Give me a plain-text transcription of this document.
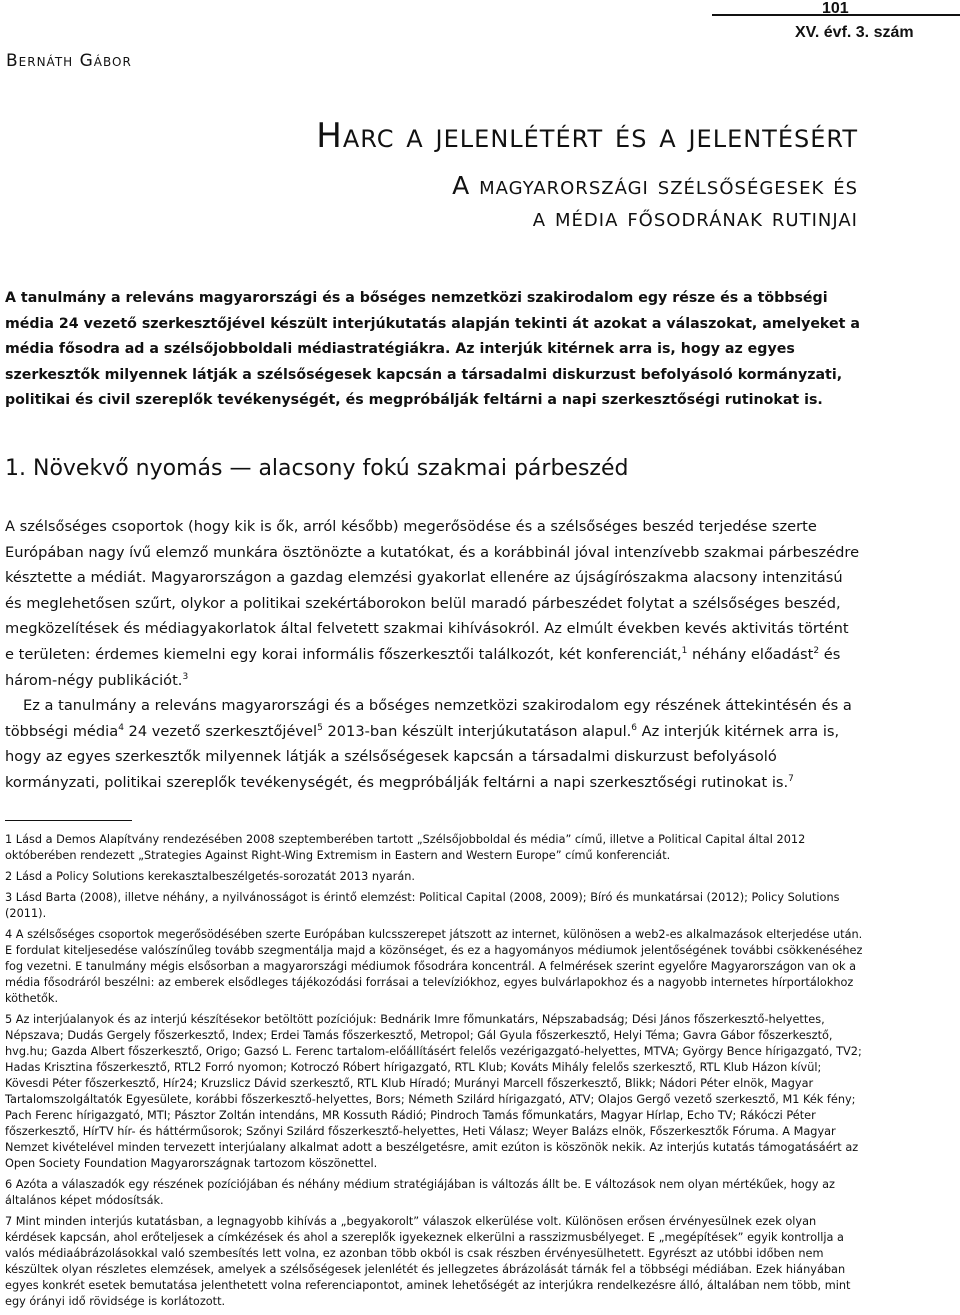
101
XV. évf. 3. szám
Bernáth Gábor
Harc a jelenlétért és a jelentésért
A magyarországi szélsőségesek és
a média fősodrának rutinjai

A tanulmány a releváns magyarországi és a bőséges nemzetközi szakirodalom egy része és a többségi média 24 vezető szerkesztőjével készült interjúkutatás alapján tekinti át azokat a válaszokat, amelyeket a média fősodra ad a szélsőjobboldali médiastratégiákra. Az interjúk kitérnek arra is, hogy az egyes szerkesztők milyennek látják a szélsőségesek kapcsán a társadalmi diskurzust befolyásoló kormányzati, politikai és civil szereplők tevékenységét, és megpróbálják feltárni a napi szerkesztőségi rutinokat is.

1. Növekvő nyomás — alacsony fokú szakmai párbeszéd

A szélsőséges csoportok (hogy kik is ők, arról később) megerősödése és a szélsőséges beszéd terjedése szerte Európában nagy ívű elemző munkára ösztönözte a kutatókat, és a korábbinál jóval intenzívebb szakmai párbeszédre késztette a médiát. Magyarországon a gazdag elemzési gyakorlat ellenére az újságírószakma alacsony intenzitású és meglehetősen szűrt, olykor a politikai szekértáborokon belül maradó párbeszédet folytat a szélsőséges beszéd, megközelítések és médiagyakorlatok által felvetett szakmai kihívásokról. Az elmúlt években kevés aktivitás történt e területen: érdemes kiemelni egy korai informális főszerkesztői találkozót, két konferenciát,$^1$ néhány előadást$^2$ és három-négy publikációt.$^3$

Ez a tanulmány a releváns magyarországi és a bőséges nemzetközi szakirodalom egy részének áttekintésén és a többségi média$^4$ 24 vezető szerkesztőjével$^5$ 2013-ban készült interjúkutatáson alapul.$^6$ Az interjúk kitérnek arra is, hogy az egyes szerkesztők milyennek látják a szélsőségesek kapcsán a társadalmi diskurzust befolyásoló kormányzati, politikai szereplők tevékenységét, és megpróbálják feltárni a napi szerkesztőségi rutinokat is.$^7$

1 Lásd a Demos Alapítvány rendezésében 2008 szeptemberében tartott „Szélsőjobboldal és média” című, illetve a Political Capital által 2012 októberében rendezett „Strategies Against Right-Wing Extremism in Eastern and Western Europe” című konferenciát.

2 Lásd a Policy Solutions kerekasztalbeszélgetés-sorozatát 2013 nyarán.

3 Lásd Barta (2008), illetve néhány, a nyilvánosságot is érintő elemzést: Political Capital (2008, 2009); Bíró és munkatársai (2012); Policy Solutions (2011).

4 A szélsőséges csoportok megerősödésében szerte Európában kulcsszerepet játszott az internet, különösen a web2-es alkalmazások elterjedése után. E fordulat kiteljesedése valószínűleg tovább szegmentálja majd a közönséget, és ez a hagyományos médiumok jelentőségének további csökkenéséhez fog vezetni. E tanulmány mégis elsősorban a magyarországi médiumok fősodrára koncentrál. A felmérések szerint egyelőre Magyarországon van ok a média fősodráról beszélni: az emberek elsődleges tájékozódási forrásai a televíziókhoz, egyes bulvárlapokhoz és a nagyobb internetes hírportálokhoz köthetők.

5 Az interjúalanyok és az interjú készítésekor betöltött pozíciójuk: Bednárik Imre főmunkatárs, Népszabadság; Dési János főszerkesztő-helyettes, Népszava; Dudás Gergely főszerkesztő, Index; Erdei Tamás főszerkesztő, Metropol; Gál Gyula főszerkesztő, Helyi Téma; Gavra Gábor főszerkesztő, hvg.hu; Gazda Albert főszerkesztő, Origo; Gazsó L. Ferenc tartalom-előállításért felelős vezérigazgató-helyettes, MTVA; György Bence hírigazgató, TV2; Hadas Krisztina főszerkesztő, RTL2 Forró nyomon; Kotroczó Róbert hírigazgató, RTL Klub; Kováts Mihály felelős szerkesztő, RTL Klub Házon kívül; Kövesdi Péter főszerkesztő, Hír24; Kruzslicz Dávid szerkesztő, RTL Klub Híradó; Murányi Marcell főszerkesztő, Blikk; Nádori Péter elnök, Magyar Tartalomszolgáltatók Egyesülete, korábbi főszerkesztő-helyettes, Bors; Németh Szilárd hírigazgató, ATV; Olajos Gergő vezető szerkesztő, M1 Kék fény; Pach Ferenc hírigazgató, MTI; Pásztor Zoltán intendáns, MR Kossuth Rádió; Pindroch Tamás főmunkatárs, Magyar Hírlap, Echo TV; Rákóczi Péter főszerkesztő, HírTV hír- és háttérműsorok; Szőnyi Szilárd főszerkesztő-helyettes, Heti Válasz; Weyer Balázs elnök, Főszerkesztők Fóruma. A Magyar Nemzet kivételével minden tervezett interjúalany alkalmat adott a beszélgetésre, amit ezúton is köszönök nekik. Az interjús kutatás támogatásáért az Open Society Foundation Magyarországnak tartozom köszönettel.

6 Azóta a válaszadók egy részének pozíciójában és néhány médium stratégiájában is változás állt be. E változások nem olyan mértékűek, hogy az általános képet módosítsák.

7 Mint minden interjús kutatásban, a legnagyobb kihívás a „begyakorolt” válaszok elkerülése volt. Különösen erősen érvényesülnek ezek olyan kérdések kapcsán, ahol erőteljesek a címkézések és ahol a szereplők igyekeznek elkerülni a rasszizmusbélyeget. E „megépítések” egyik kontrollja a valós médiaábrázolásokkal való szembesítés lett volna, ez azonban több okból is csak részben érvényesülhetett. Egyrészt az utóbbi időben nem készültek olyan részletes elemzések, amelyek a szélsőségesek jelenlétét és jellegzetes ábrázolását tárnák fel a többségi médiában. Ezek hiányában egyes konkrét esetek bemutatása jelenthetett volna referenciapontot, aminek lehetőségét az interjúkra rendelkezésre álló, általában nem több, mint egy órányi idő rövidsége is korlátozott.
